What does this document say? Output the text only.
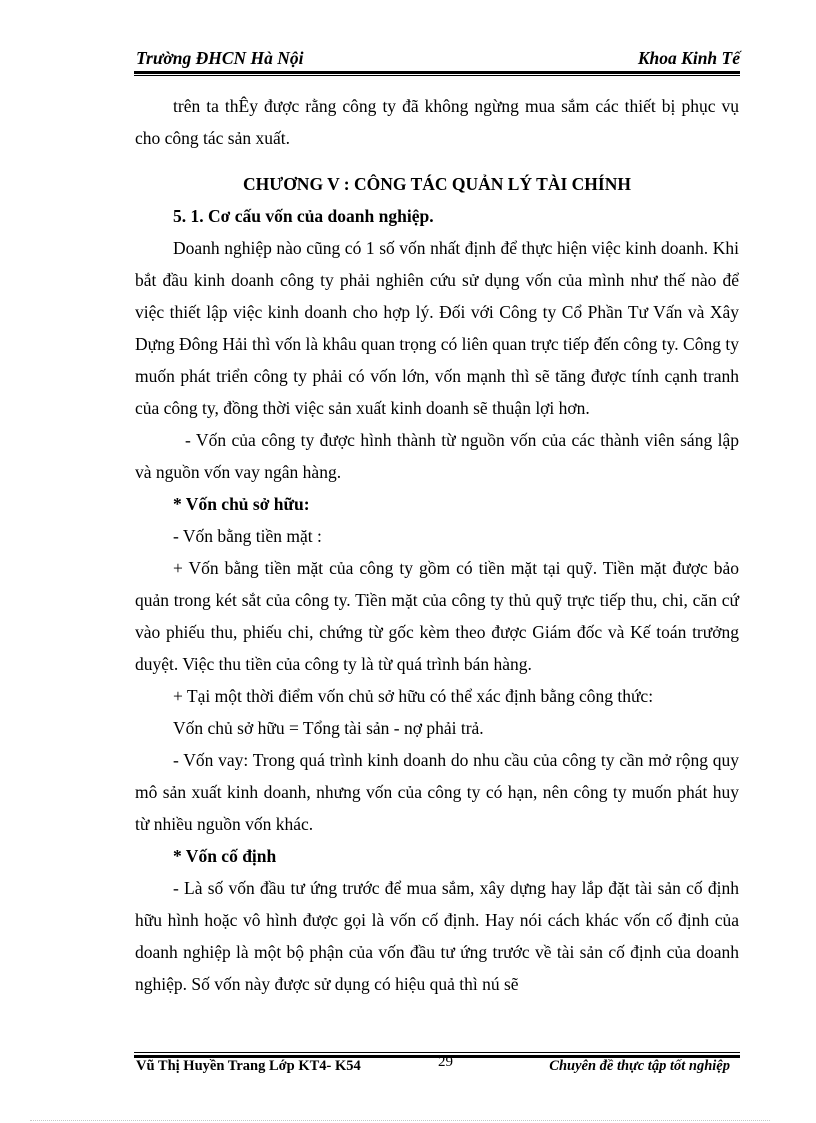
Trường ĐHCN Hà Nội	Khoa Kinh Tế

trên ta thÊy được rằng công ty đã không ngừng mua sắm các thiết bị phục vụ cho công tác sản xuất.

CHƯƠNG V : CÔNG TÁC QUẢN LÝ TÀI CHÍNH

5. 1. Cơ cấu vốn của doanh nghiệp.

Doanh nghiệp nào cũng có 1 số vốn nhất định để thực hiện việc kinh doanh. Khi bắt đầu kinh doanh công ty phải nghiên cứu sử dụng vốn của mình như thế nào để việc thiết lập việc kinh doanh cho hợp lý. Đối với Công ty Cổ Phần Tư Vấn và Xây Dựng Đông Hải thì vốn là khâu quan trọng có liên quan trực tiếp đến công ty. Công ty muốn phát triển công ty phải có vốn lớn, vốn mạnh thì sẽ tăng được tính cạnh tranh của công ty, đồng thời việc sản xuất kinh doanh sẽ thuận lợi hơn.

- Vốn của công ty được hình thành từ nguồn vốn của các thành viên sáng lập và nguồn vốn vay ngân hàng.

* Vốn chủ sở hữu:

- Vốn bằng tiền mặt :

+ Vốn bằng tiền mặt của công ty gồm có tiền mặt tại quỹ. Tiền mặt được bảo quản trong két sắt của công ty. Tiền mặt của công ty thủ quỹ trực tiếp thu, chi, căn cứ vào phiếu thu, phiếu chi, chứng từ gốc kèm theo được Giám đốc và Kế toán trưởng duyệt. Việc thu tiền của công ty là từ quá trình bán hàng.

+ Tại một thời điểm vốn chủ sở hữu có thể xác định bằng công thức:

Vốn chủ sở hữu = Tổng tài sản - nợ phải trả.

- Vốn vay: Trong quá trình kinh doanh do nhu cầu của công ty cần mở rộng quy mô sản xuất kinh doanh, nhưng vốn của công ty có hạn, nên công ty muốn phát huy từ nhiều nguồn vốn khác.

* Vốn cố định

- Là số vốn đầu tư ứng trước để mua sắm, xây dựng hay lắp đặt tài sản cố định hữu hình hoặc vô hình được gọi là vốn cố định. Hay nói cách khác vốn cố định của doanh nghiệp là một bộ phận của vốn đầu tư ứng trước về tài sản cố định của doanh nghiệp. Số vốn này được sử dụng có hiệu quả thì nú sẽ

Vũ Thị Huyền Trang Lớp KT4- K54	29	Chuyên đề thực tập tốt nghiệp
